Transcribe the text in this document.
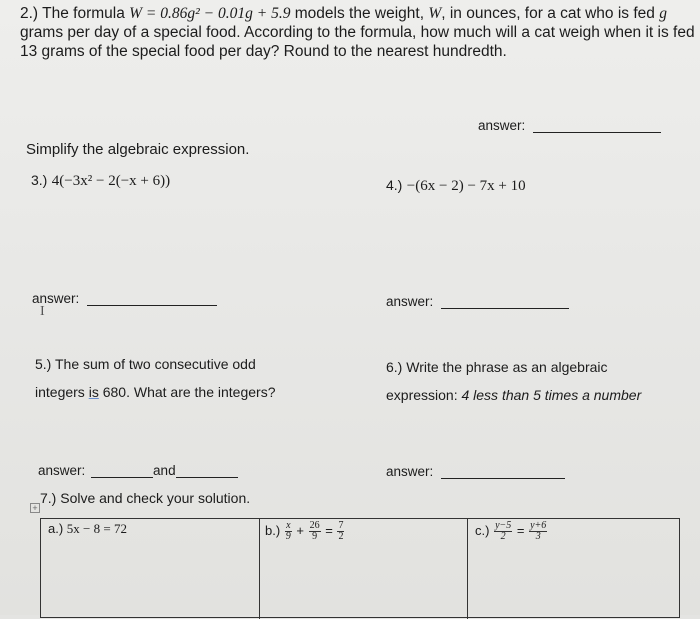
2.) The formula W = 0.86g² − 0.01g + 5.9 models the weight, W, in ounces, for a cat who is fed g
grams per day of a special food. According to the formula, how much will a cat weigh when it is fed
13 grams of the special food per day? Round to the nearest hundredth.
answer:
Simplify the algebraic expression.
3.) 4(−3x² − 2(−x + 6))	4.) −(6x − 2) − 7x + 10
answer:
I
answer:
5.) The sum of two consecutive odd
integers is 680. What are the integers?
6.) Write the phrase as an algebraic
expression: 4 less than 5 times a number
answer:	and	answer:
7.) Solve and check your solution.
+
a.) 5x − 8 = 72	$b.) \frac{x}{9} + \frac{26}{9} = \frac{7}{2}$	$c.) \frac{y-5}{2} = \frac{y+6}{3}$
